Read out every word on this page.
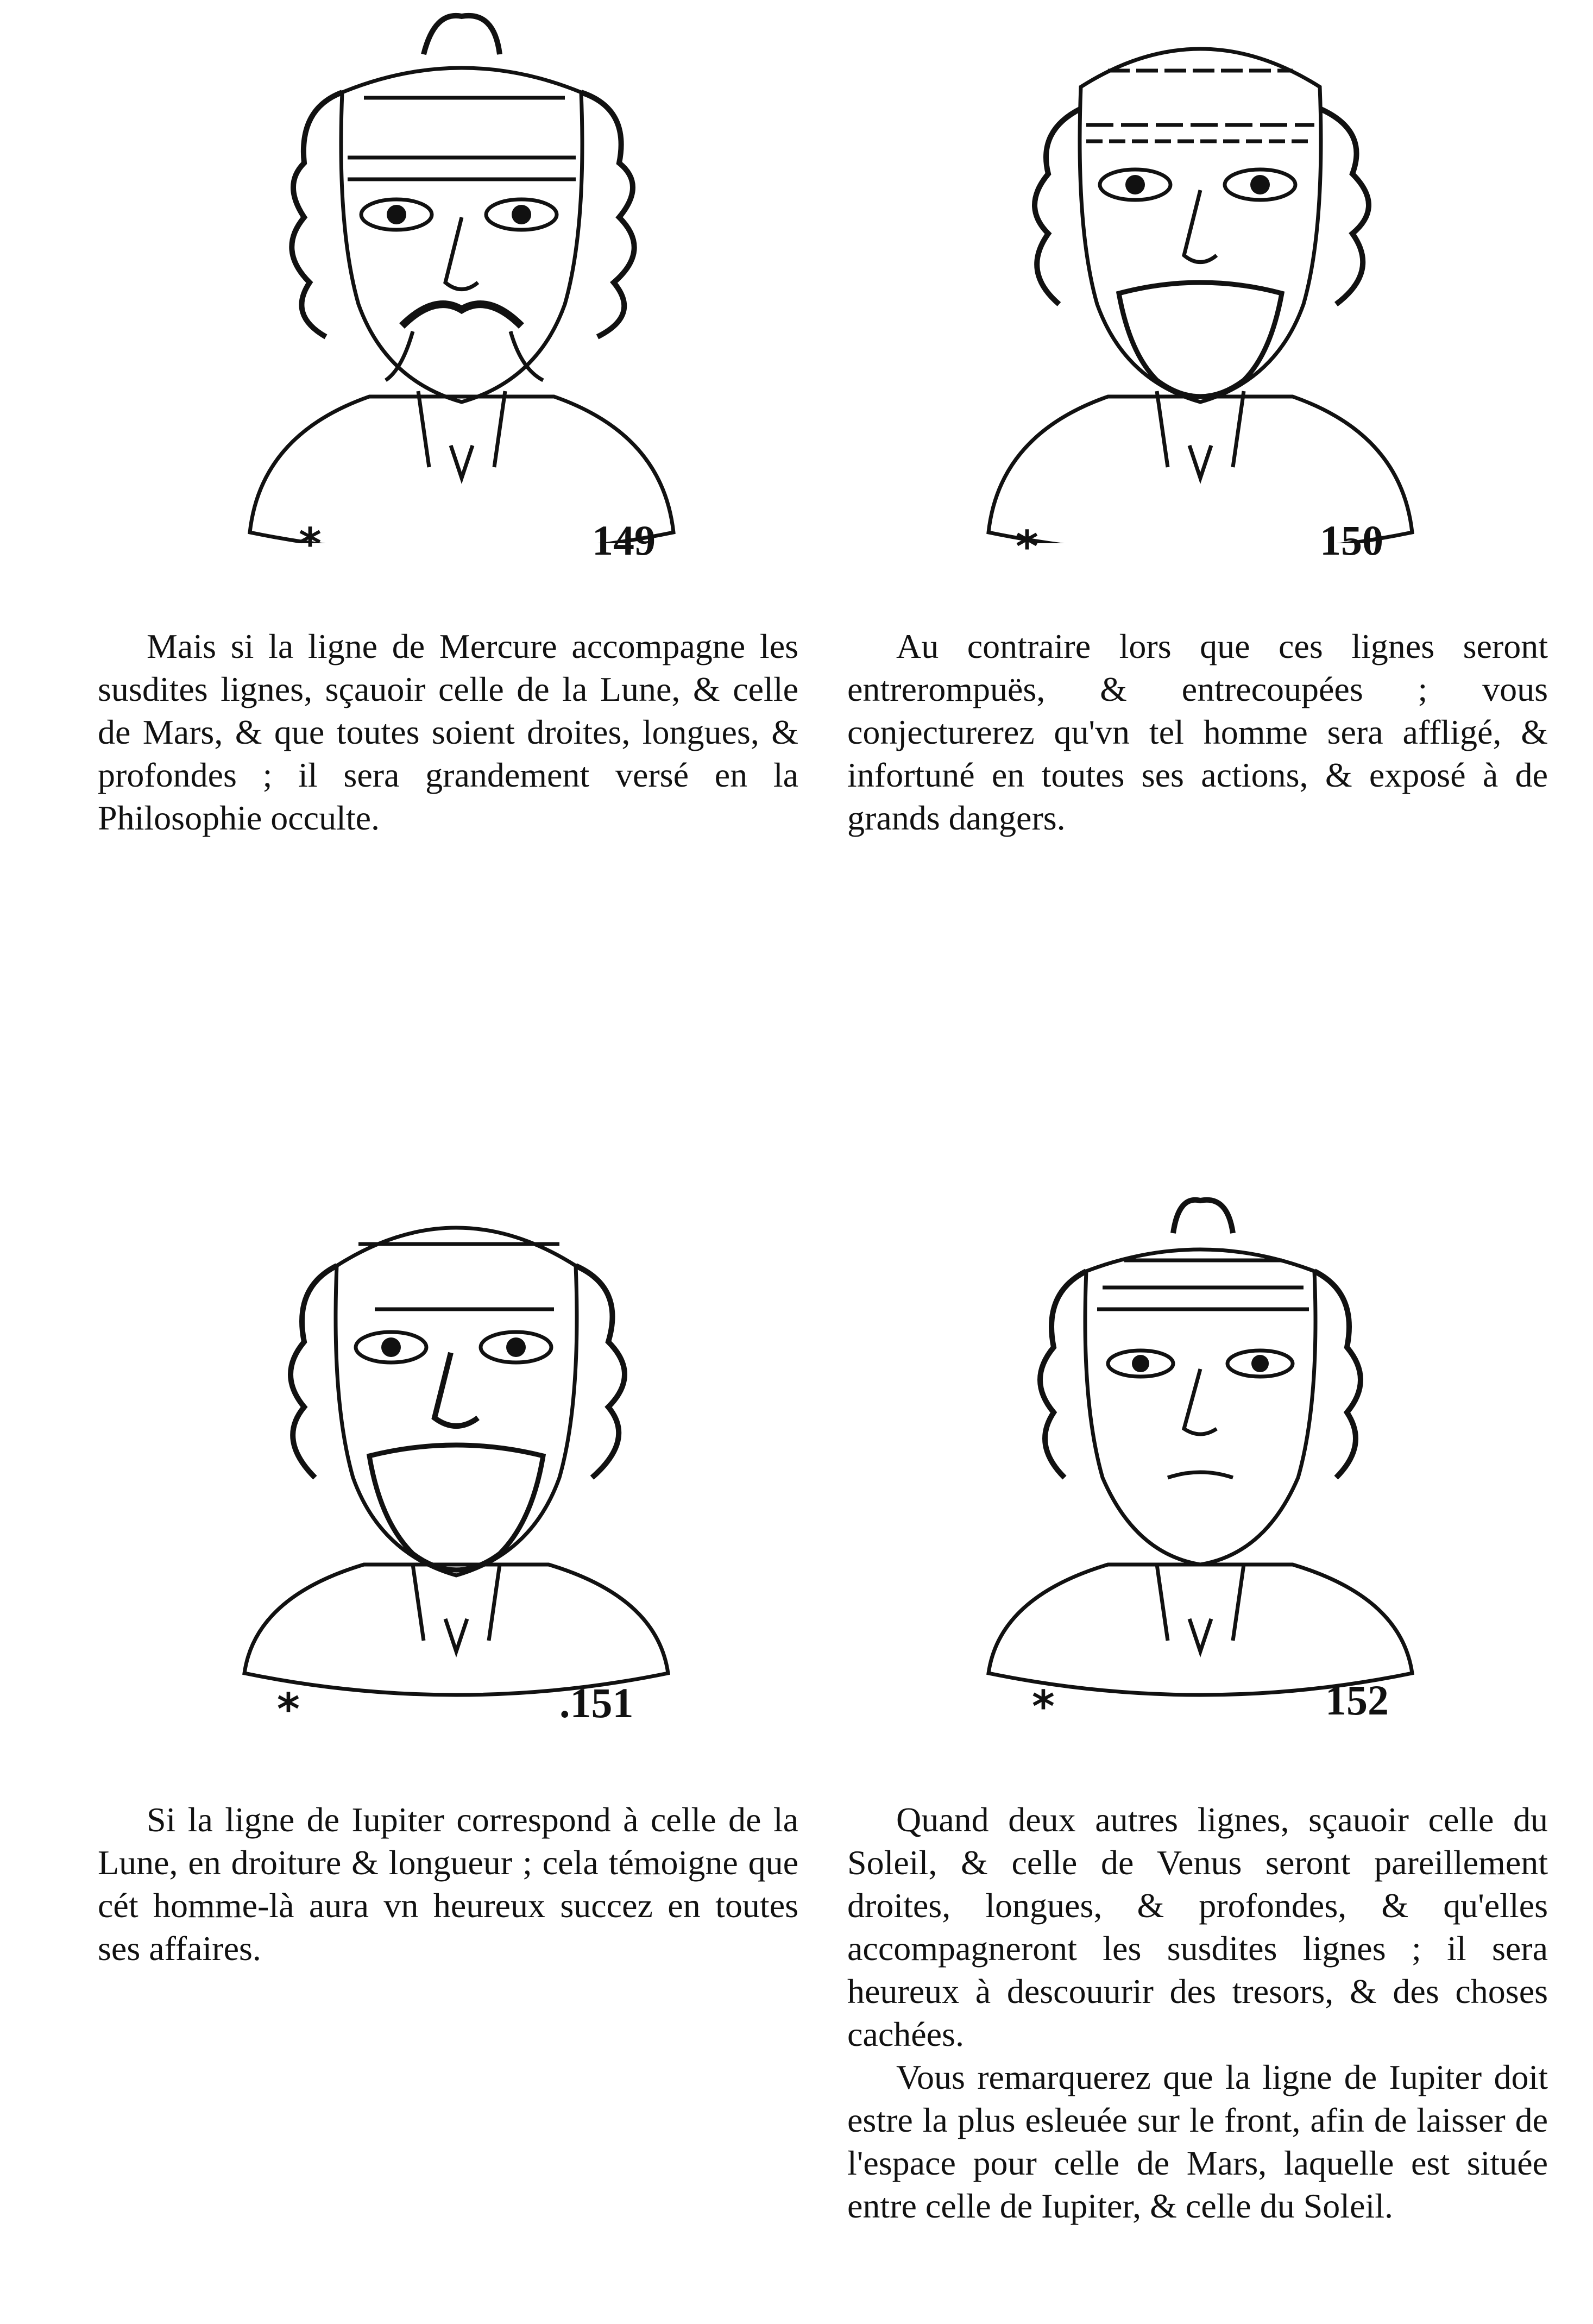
*	149	*	150

Mais si la ligne de Mercure accompagne les susdites lignes, sçauoir celle de la Lune, & celle de Mars, & que toutes soient droites, longues, & profondes ; il sera grandement versé en la Philosophie occulte.

Au contraire lors que ces lignes seront entrerompuës, & entrecoupées ; vous conjecturerez qu'vn tel homme sera affligé, & infortuné en toutes ses actions, & exposé à de grands dangers.

*	.151	*	152

Si la ligne de Iupiter correspond à celle de la Lune, en droiture & longueur ; cela témoigne que cét homme-là aura vn heureux succez en toutes ses affaires.

Quand deux autres lignes, sçauoir celle du Soleil, & celle de Venus seront pareillement droites, longues, & profondes, & qu'elles accompagneront les susdites lignes ; il sera heureux à descouurir des tresors, & des choses cachées.

Vous remarquerez que la ligne de Iupiter doit estre la plus esleuée sur le front, afin de laisser de l'espace pour celle de Mars, laquelle est située entre celle de Iupiter, & celle du Soleil.
